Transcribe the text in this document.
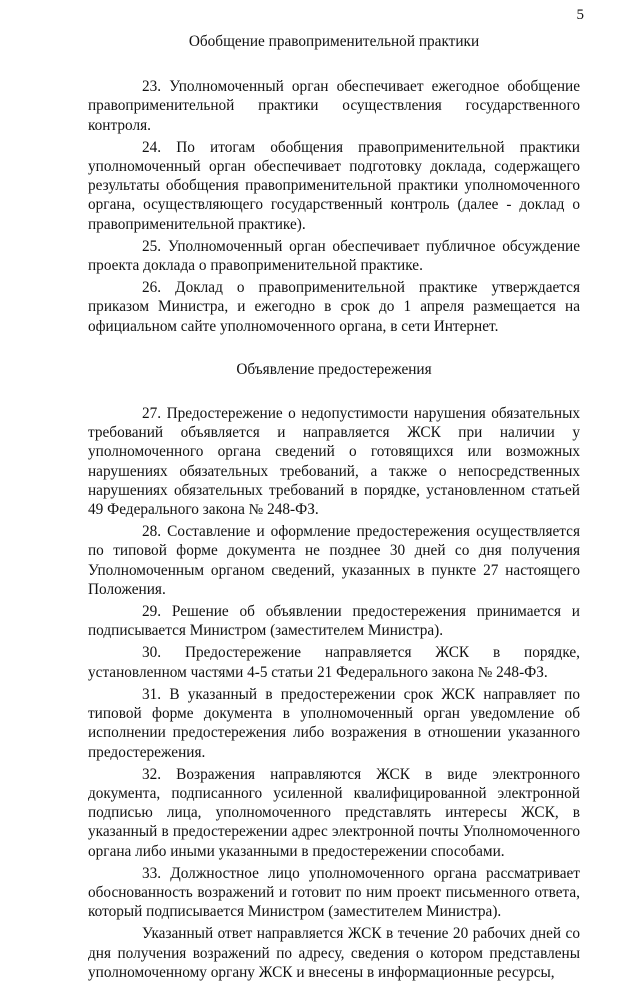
5
Обобщение правоприменительной практики

23. Уполномоченный орган обеспечивает ежегодное обобщение правоприменительной практики осуществления государственного контроля.

24. По итогам обобщения правоприменительной практики уполномоченный орган обеспечивает подготовку доклада, содержащего результаты обобщения правоприменительной практики уполномоченного органа, осуществляющего государственный контроль (далее - доклад о правоприменительной практике).

25. Уполномоченный орган обеспечивает публичное обсуждение проекта доклада о правоприменительной практике.

26. Доклад о правоприменительной практике утверждается приказом Министра, и ежегодно в срок до 1 апреля размещается на официальном сайте уполномоченного органа, в сети Интернет.

Объявление предостережения

27. Предостережение о недопустимости нарушения обязательных требований объявляется и направляется ЖСК при наличии у уполномоченного органа сведений о готовящихся или возможных нарушениях обязательных требований, а также о непосредственных нарушениях обязательных требований в порядке, установленном статьей 49 Федерального закона № 248-ФЗ.

28. Составление и оформление предостережения осуществляется по типовой форме документа не позднее 30 дней со дня получения Уполномоченным органом сведений, указанных в пункте 27 настоящего Положения.

29. Решение об объявлении предостережения принимается и подписывается Министром (заместителем Министра).

30. Предостережение направляется ЖСК в порядке, установленном частями 4-5 статьи 21 Федерального закона № 248-ФЗ.

31. В указанный в предостережении срок ЖСК направляет по типовой форме документа в уполномоченный орган уведомление об исполнении предостережения либо возражения в отношении указанного предостережения.

32. Возражения направляются ЖСК в виде электронного документа, подписанного усиленной квалифицированной электронной подписью лица, уполномоченного представлять интересы ЖСК, в указанный в предостережении адрес электронной почты Уполномоченного органа либо иными указанными в предостережении способами.

33. Должностное лицо уполномоченного органа рассматривает обоснованность возражений и готовит по ним проект письменного ответа, который подписывается Министром (заместителем Министра).

Указанный ответ направляется ЖСК в течение 20 рабочих дней со дня получения возражений по адресу, сведения о котором представлены уполномоченному органу ЖСК и внесены в информационные ресурсы,
